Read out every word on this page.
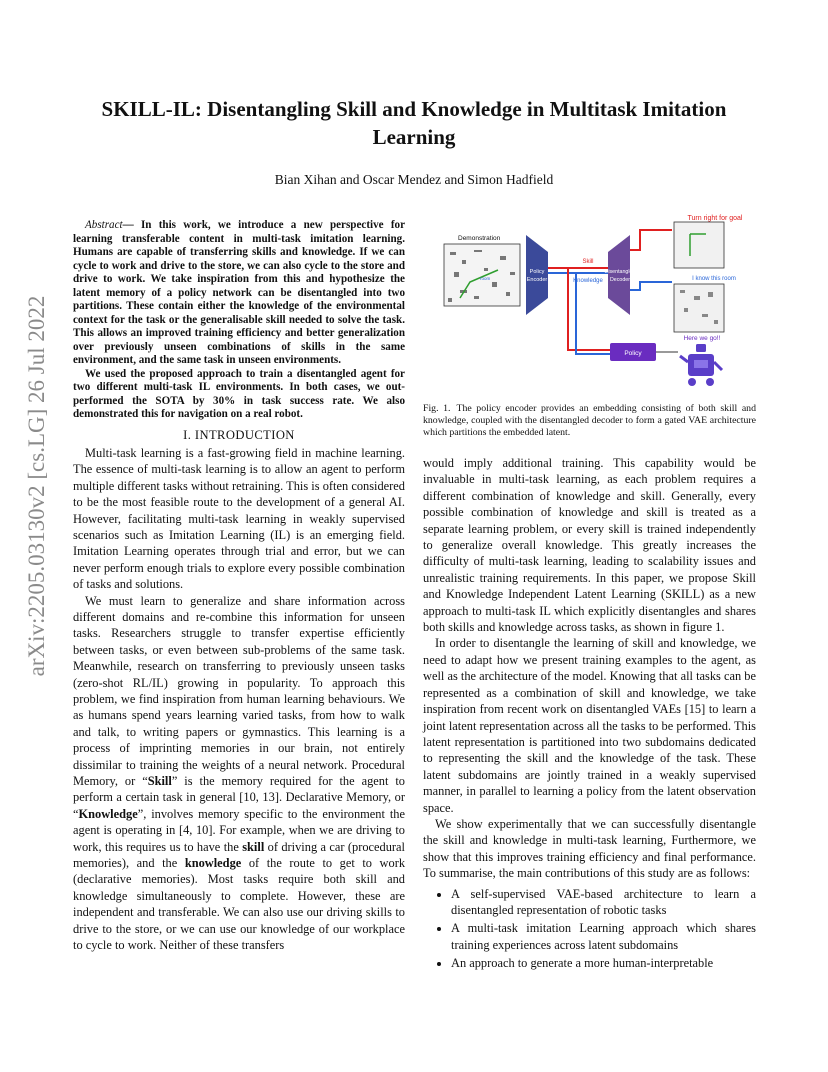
arXiv:2205.03130v2 [cs.LG] 26 Jul 2022
SKILL-IL: Disentangling Skill and Knowledge in Multitask Imitation Learning
Bian Xihan and Oscar Mendez and Simon Hadfield

Abstract— In this work, we introduce a new perspective for learning transferable content in multi-task imitation learning. Humans are capable of transferring skills and knowledge. If we can cycle to work and drive to the store, we can also cycle to the store and drive to work. We take inspiration from this and hypothesize the latent memory of a policy network can be disentangled into two partitions. These contain either the knowledge of the environmental context for the task or the generalisable skill needed to solve the task. This allows an improved training efficiency and better generalization over previously unseen combinations of skills in the same environment, and the same task in unseen environments.

We used the proposed approach to train a disentangled agent for two different multi-task IL environments. In both cases, we out-performed the SOTA by 30% in task success rate. We also demonstrated this for navigation on a real robot.

I. INTRODUCTION

Multi-task learning is a fast-growing field in machine learning. The essence of multi-task learning is to allow an agent to perform multiple different tasks without retraining. This is often considered to be the most feasible route to the development of a general AI. However, facilitating multi-task learning in weakly supervised scenarios such as Imitation Learning (IL) is an emerging field. Imitation Learning operates through trial and error, but we can never perform enough trials to explore every possible combination of tasks and solutions.

We must learn to generalize and share information across different domains and re-combine this information for unseen tasks. Researchers struggle to transfer expertise efficiently between tasks, or even between sub-problems of the same task. Meanwhile, research on transferring to previously unseen tasks (zero-shot RL/IL) growing in popularity. To approach this problem, we find inspiration from human learning behaviours. We as humans spend years learning varied tasks, from how to walk and talk, to writing papers or gymnastics. This learning is a process of imprinting memories in our brain, not entirely dissimilar to training the weights of a neural network. Procedural Memory, or “Skill” is the memory required for the agent to perform a certain task in general [10, 13]. Declarative Memory, or “Knowledge”, involves memory specific to the environment the agent is operating in [4, 10]. For example, when we are driving to work, this requires us to have the skill of driving a car (procedural memories), and the knowledge of the route to get to work (declarative memories). Most tasks require both skill and knowledge simultaneously to complete. However, these are independent and transferable. We can also use our driving skills to drive to the store, or we can use our knowledge of our workplace to cycle to work. Neither of these transfers

Turn right for goal
Demonstration
room
Policy Encoder
Skill
Knowledge
Disentangled Decoder	I know this room
Policy
Here we go!!
Fig. 1. The policy encoder provides an embedding consisting of both skill and knowledge, coupled with the disentangled decoder to form a gated VAE architecture which partitions the embedded latent.

would imply additional training. This capability would be invaluable in multi-task learning, as each problem requires a different combination of knowledge and skill. Generally, every possible combination of knowledge and skill is treated as a separate learning problem, or every skill is trained independently to generalize overall knowledge. This greatly increases the difficulty of multi-task learning, leading to scalability issues and unrealistic training requirements. In this paper, we propose Skill and Knowledge Independent Latent Learning (SKILL) as a new approach to multi-task IL which explicitly disentangles and shares both skills and knowledge across tasks, as shown in figure 1.

In order to disentangle the learning of skill and knowledge, we need to adapt how we present training examples to the agent, as well as the architecture of the model. Knowing that all tasks can be represented as a combination of skill and knowledge, we take inspiration from recent work on disentangled VAEs [15] to learn a joint latent representation across all the tasks to be performed. This latent representation is partitioned into two subdomains dedicated to representing the skill and the knowledge of the task. These latent subdomains are jointly trained in a weakly supervised manner, in parallel to learning a policy from the latent observation space.

We show experimentally that we can successfully disentangle the skill and knowledge in multi-task learning, Furthermore, we show that this improves training efficiency and final performance. To summarise, the main contributions of this study are as follows:

• A self-supervised VAE-based architecture to learn a disentangled representation of robotic tasks
• A multi-task imitation Learning approach which shares training experiences across latent subdomains
• An approach to generate a more human-interpretable
